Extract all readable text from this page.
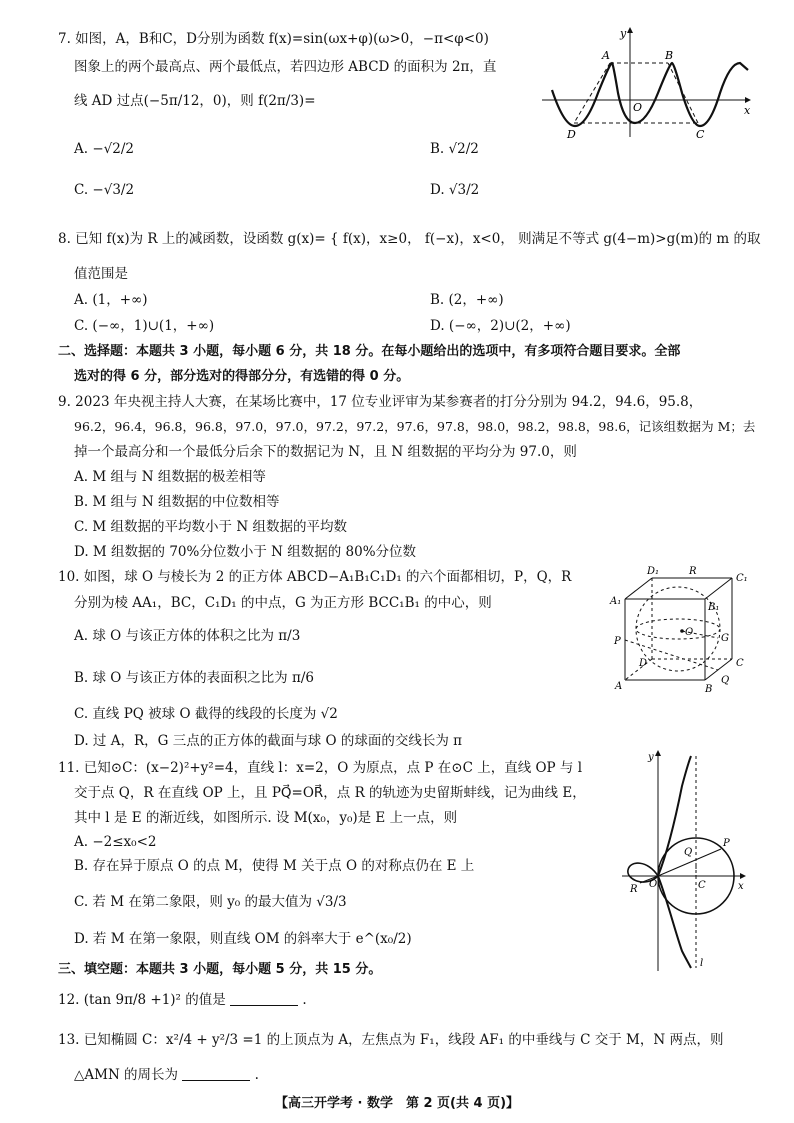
7. 如图，A，B和C，D分别为函数 f(x)=sin(ωx+φ)(ω>0，−π<φ<0)
图象上的两个最高点、两个最低点，若四边形 ABCD 的面积为 2π，直
线 AD 过点(−5π/12，0)，则 f(2π/3)=
A. −√2/2	B. √2/2
C. −√3/2	D. √3/2
y
A	B
O	x
D	C
8. 已知 f(x)为 R 上的减函数，设函数 g(x)= { f(x)，x≥0， f(−x)，x<0， 则满足不等式 g(4−m)>g(m)的 m 的取
值范围是
A. (1，+∞)	B. (2，+∞)
C. (−∞，1)∪(1，+∞)	D. (−∞，2)∪(2，+∞)
二、选择题：本题共 3 小题，每小题 6 分，共 18 分。在每小题给出的选项中，有多项符合题目要求。全部
选对的得 6 分，部分选对的得部分分，有选错的得 0 分。
9. 2023 年央视主持人大赛，在某场比赛中，17 位专业评审为某参赛者的打分分别为 94.2，94.6，95.8，
96.2，96.4，96.8，96.8，97.0，97.0，97.2，97.2，97.6，97.8，98.0，98.2，98.8，98.6，记该组数据为 M；去
掉一个最高分和一个最低分后余下的数据记为 N，且 N 组数据的平均分为 97.0，则
A. M 组与 N 组数据的极差相等
B. M 组与 N 组数据的中位数相等
C. M 组数据的平均数小于 N 组数据的平均数
D. M 组数据的 70%分位数小于 N 组数据的 80%分位数
10. 如图，球 O 与棱长为 2 的正方体 ABCD−A₁B₁C₁D₁ 的六个面都相切，P，Q，R
分别为棱 AA₁，BC，C₁D₁ 的中点，G 为正方形 BCC₁B₁ 的中心，则
A. 球 O 与该正方体的体积之比为 π/3
B. 球 O 与该正方体的表面积之比为 π/6
C. 直线 PQ 被球 O 截得的线段的长度为 √2
D. 过 A，R，G 三点的正方体的截面与球 O 的球面的交线长为 π
D₁	R
C₁
A₁
B₁
O
G
P
D	C
A	B
Q
11. 已知⊙C：(x−2)²+y²=4，直线 l：x=2，O 为原点，点 P 在⊙C 上，直线 OP 与 l
交于点 Q，R 在直线 OP 上，且 PQ⃗=OR⃗，点 R 的轨迹为史留斯蚌线，记为曲线 E，
其中 l 是 E 的渐近线，如图所示. 设 M(x₀，y₀)是 E 上一点，则
A. −2≤x₀<2
B. 存在异于原点 O 的点 M，使得 M 关于点 O 的对称点仍在 E 上
C. 若 M 在第二象限，则 y₀ 的最大值为 √3/3
D. 若 M 在第一象限，则直线 OM 的斜率大于 e^(x₀/2)
y
P
Q
R O	C	x
l
三、填空题：本题共 3 小题，每小题 5 分，共 15 分。
12. (tan 9π/8 +1)² 的值是	.
13. 已知椭圆 C：x²/4 + y²/3 =1 的上顶点为 A，左焦点为 F₁，线段 AF₁ 的中垂线与 C 交于 M，N 两点，则
△AMN 的周长为	.
【高三开学考 · 数学　第 2 页(共 4 页)】
